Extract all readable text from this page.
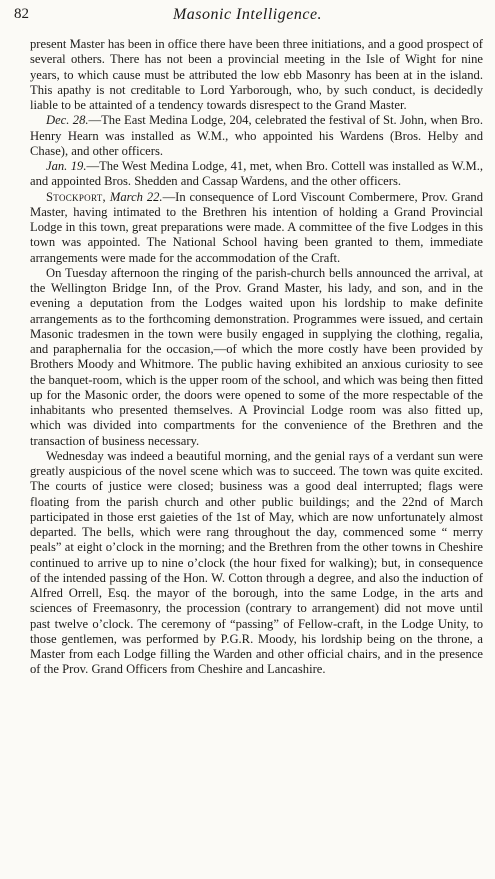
82	Masonic Intelligence.

present Master has been in office there have been three initiations, and a good prospect of several others. There has not been a provincial meeting in the Isle of Wight for nine years, to which cause must be attributed the low ebb Masonry has been at in the island. This apathy is not creditable to Lord Yarborough, who, by such conduct, is decidedly liable to be attainted of a tendency towards disrespect to the Grand Master.

Dec. 28.—The East Medina Lodge, 204, celebrated the festival of St. John, when Bro. Henry Hearn was installed as W.M., who appointed his Wardens (Bros. Helby and Chase), and other officers.

Jan. 19.—The West Medina Lodge, 41, met, when Bro. Cottell was installed as W.M., and appointed Bros. Shedden and Cassap Wardens, and the other officers.

Stockport, March 22.—In consequence of Lord Viscount Combermere, Prov. Grand Master, having intimated to the Brethren his intention of holding a Grand Provincial Lodge in this town, great preparations were made. A committee of the five Lodges in this town was appointed. The National School having been granted to them, immediate arrangements were made for the accommodation of the Craft.

On Tuesday afternoon the ringing of the parish-church bells announced the arrival, at the Wellington Bridge Inn, of the Prov. Grand Master, his lady, and son, and in the evening a deputation from the Lodges waited upon his lordship to make definite arrangements as to the forthcoming demonstration. Programmes were issued, and certain Masonic tradesmen in the town were busily engaged in supplying the clothing, regalia, and paraphernalia for the occasion,—of which the more costly have been provided by Brothers Moody and Whitmore. The public having exhibited an anxious curiosity to see the banquet-room, which is the upper room of the school, and which was being then fitted up for the Masonic order, the doors were opened to some of the more respectable of the inhabitants who presented themselves. A Provincial Lodge room was also fitted up, which was divided into compartments for the convenience of the Brethren and the transaction of business necessary.

Wednesday was indeed a beautiful morning, and the genial rays of a verdant sun were greatly auspicious of the novel scene which was to succeed. The town was quite excited. The courts of justice were closed; business was a good deal interrupted; flags were floating from the parish church and other public buildings; and the 22nd of March participated in those erst gaieties of the 1st of May, which are now unfortunately almost departed. The bells, which were rang throughout the day, commenced some “ merry peals” at eight o’clock in the morning; and the Brethren from the other towns in Cheshire continued to arrive up to nine o’clock (the hour fixed for walking); but, in consequence of the intended passing of the Hon. W. Cotton through a degree, and also the induction of Alfred Orrell, Esq. the mayor of the borough, into the same Lodge, in the arts and sciences of Freemasonry, the procession (contrary to arrangement) did not move until past twelve o’clock. The ceremony of “passing” of Fellow-craft, in the Lodge Unity, to those gentlemen, was performed by P.G.R. Moody, his lordship being on the throne, a Master from each Lodge filling the Warden and other official chairs, and in the presence of the Prov. Grand Officers from Cheshire and Lancashire.
